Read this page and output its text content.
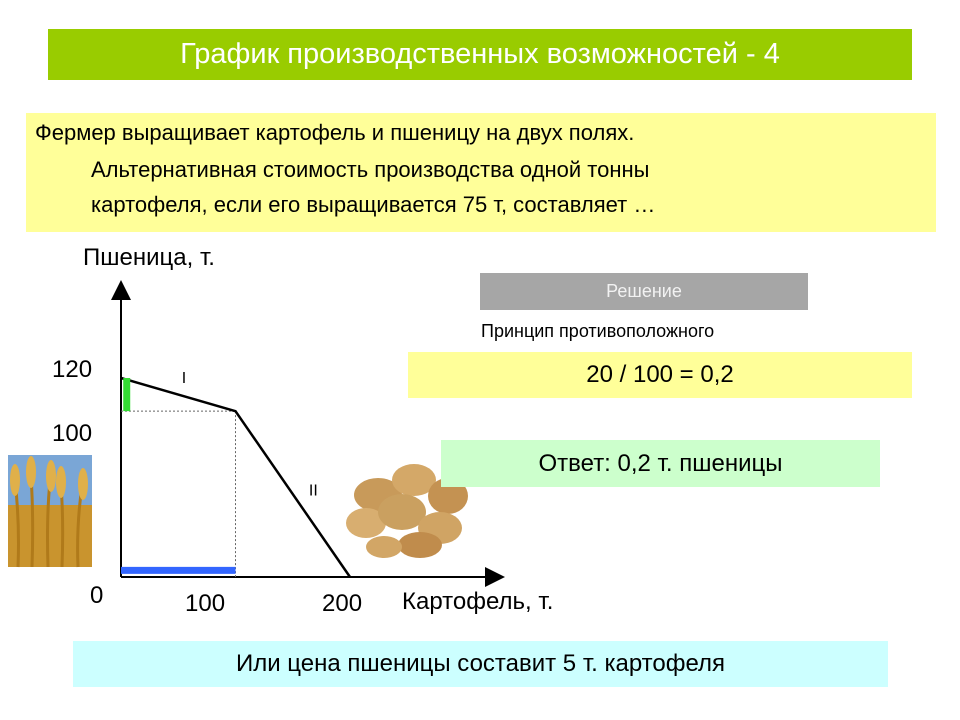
График производственных возможностей - 4
Фермер выращивает картофель и пшеницу на двух полях.
Альтернативная стоимость производства одной тонны
картофеля, если его выращивается 75 т, составляет …
I
II
Пшеница, т.
Картофель, т.
120
100
0	100	200
Решение
Принцип противоположного
20 / 100 = 0,2
Ответ: 0,2 т. пшеницы
Или цена пшеницы составит 5 т. картофеля
